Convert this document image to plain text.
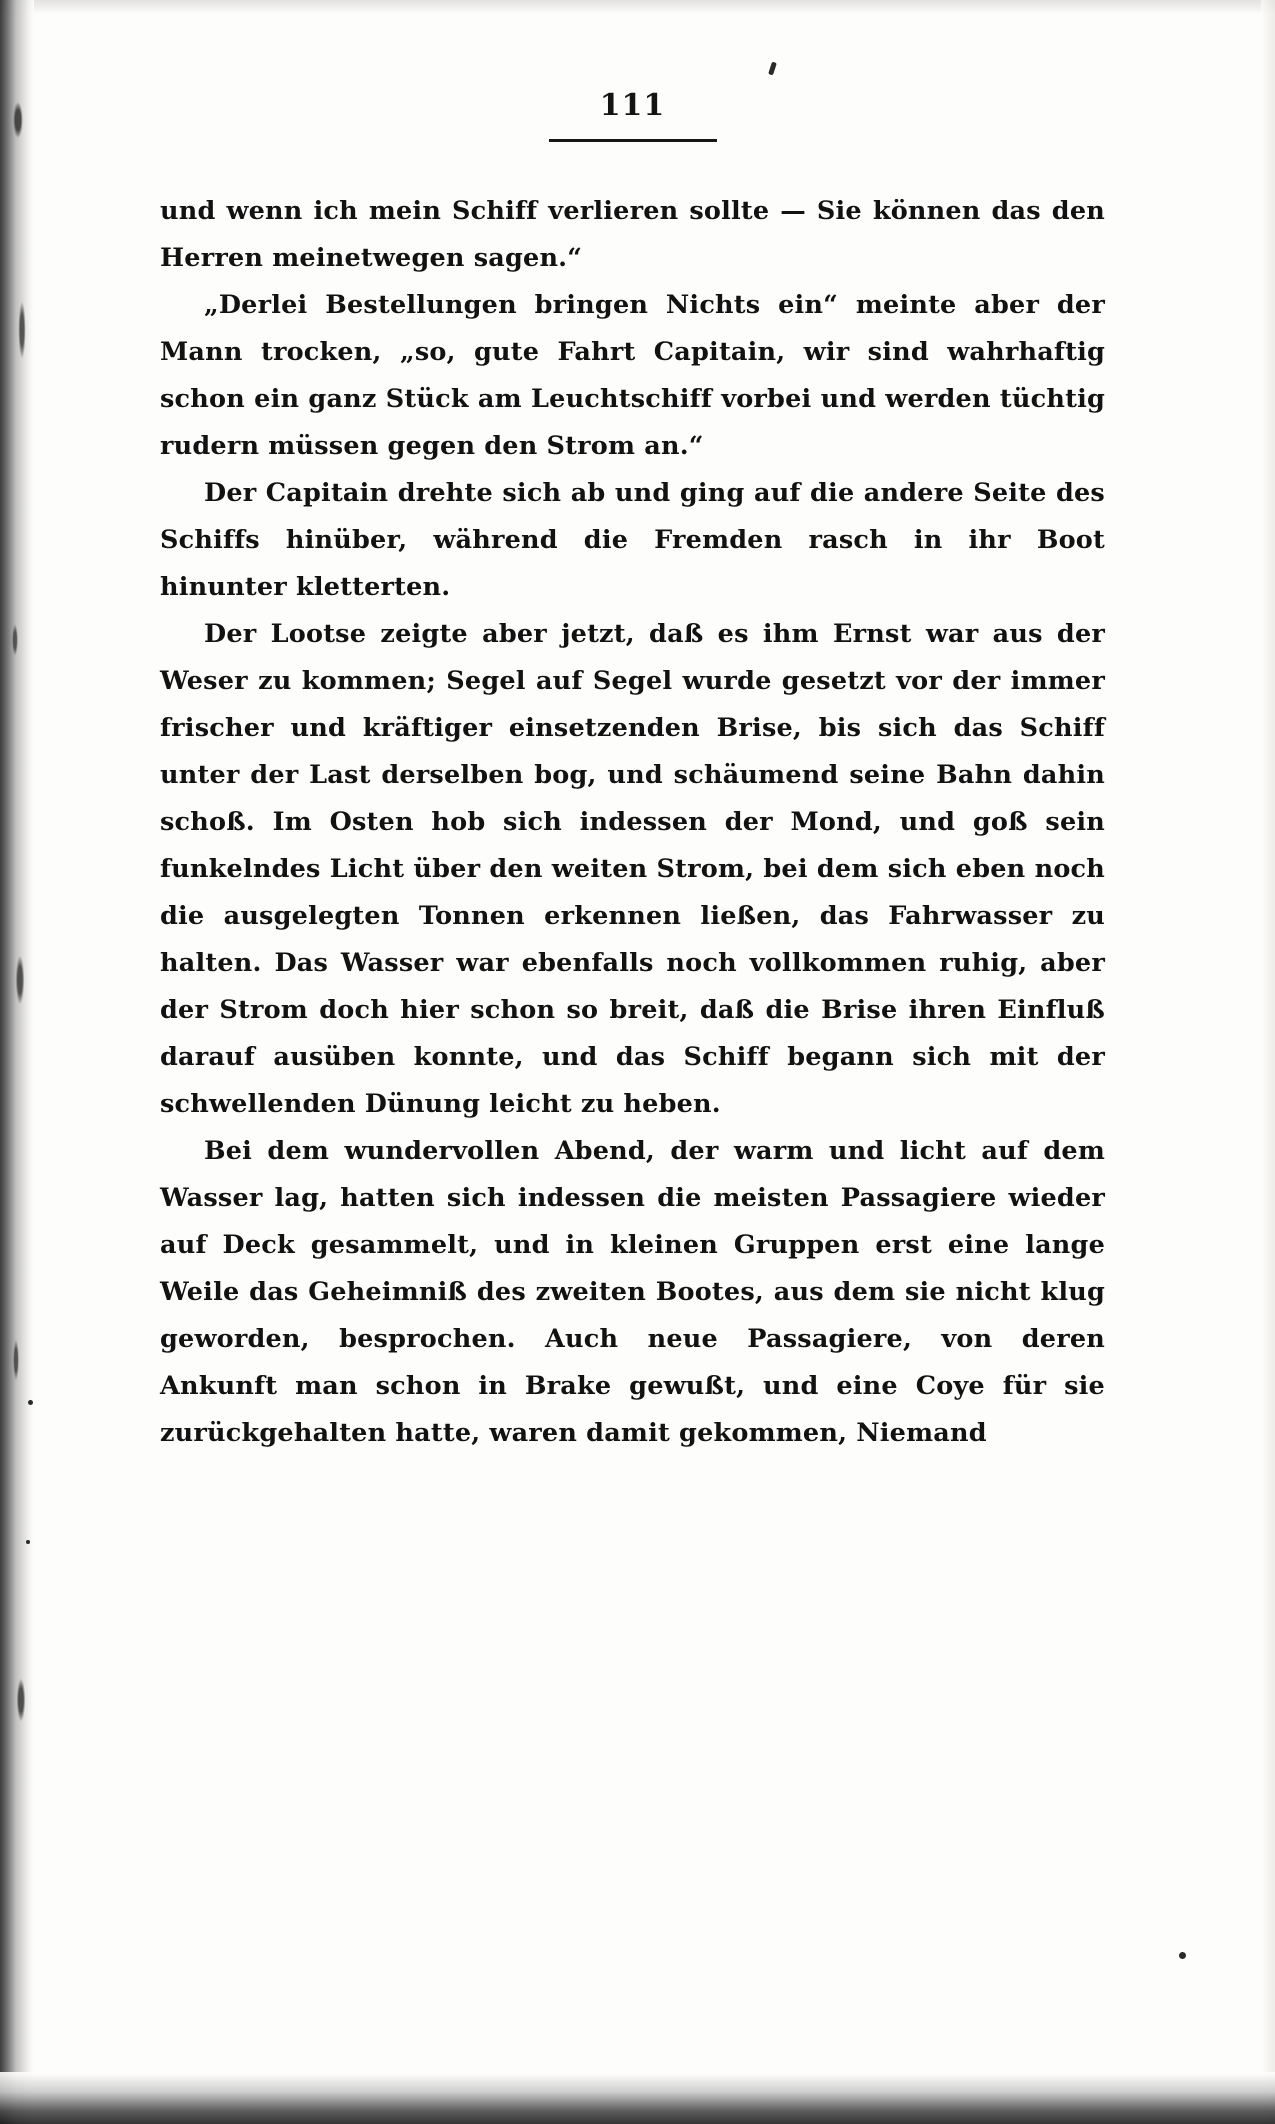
111

und wenn ich mein Schiff verlieren sollte — Sie können das den Herren meinetwegen sagen.“

„Derlei Bestellungen bringen Nichts ein“ meinte aber der Mann trocken, „so, gute Fahrt Capitain, wir sind wahrhaftig schon ein ganz Stück am Leuchtschiff vorbei und werden tüchtig rudern müssen gegen den Strom an.“

Der Capitain drehte sich ab und ging auf die andere Seite des Schiffs hinüber, während die Fremden rasch in ihr Boot hinunter kletterten.

Der Lootse zeigte aber jetzt, daß es ihm Ernst war aus der Weser zu kommen; Segel auf Segel wurde gesetzt vor der immer frischer und kräftiger einsetzenden Brise, bis sich das Schiff unter der Last derselben bog, und schäumend seine Bahn dahin schoß. Im Osten hob sich indessen der Mond, und goß sein funkelndes Licht über den weiten Strom, bei dem sich eben noch die ausgelegten Tonnen erkennen ließen, das Fahrwasser zu halten. Das Wasser war ebenfalls noch vollkommen ruhig, aber der Strom doch hier schon so breit, daß die Brise ihren Einfluß darauf ausüben konnte, und das Schiff begann sich mit der schwellenden Dünung leicht zu heben.

Bei dem wundervollen Abend, der warm und licht auf dem Wasser lag, hatten sich indessen die meisten Passagiere wieder auf Deck gesammelt, und in kleinen Gruppen erst eine lange Weile das Geheimniß des zweiten Bootes, aus dem sie nicht klug geworden, besprochen. Auch neue Passagiere, von deren Ankunft man schon in Brake gewußt, und eine Coye für sie zurückgehalten hatte, waren damit gekommen, Niemand
